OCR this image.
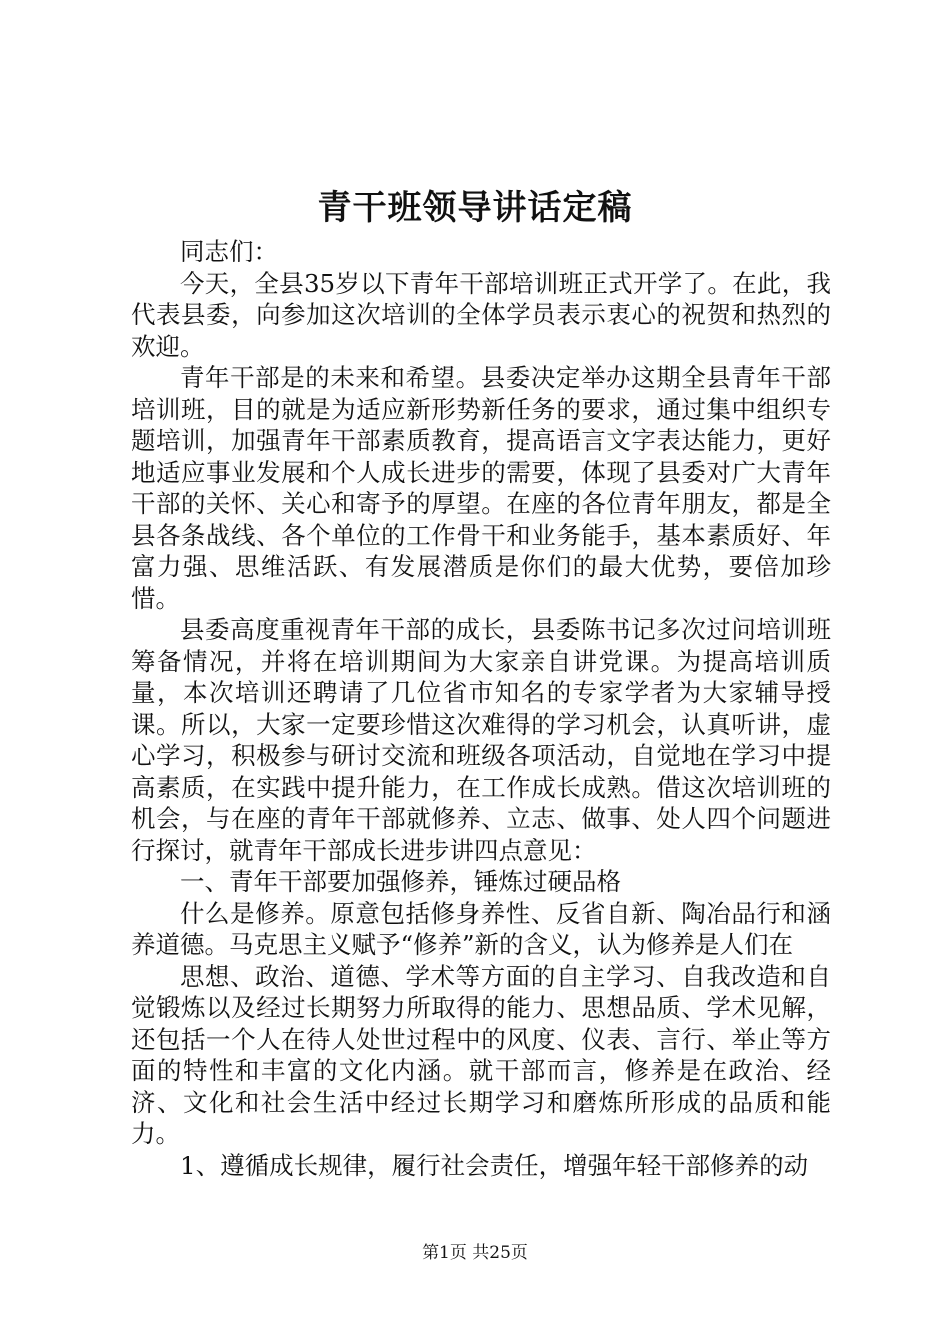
青干班领导讲话定稿

同志们：

今天，全县35岁以下青年干部培训班正式开学了。在此，我代表县委，向参加这次培训的全体学员表示衷心的祝贺和热烈的欢迎。

青年干部是的未来和希望。县委决定举办这期全县青年干部培训班，目的就是为适应新形势新任务的要求，通过集中组织专题培训，加强青年干部素质教育，提高语言文字表达能力，更好地适应事业发展和个人成长进步的需要，体现了县委对广大青年干部的关怀、关心和寄予的厚望。在座的各位青年朋友，都是全县各条战线、各个单位的工作骨干和业务能手，基本素质好、年富力强、思维活跃、有发展潜质是你们的最大优势，要倍加珍惜。

县委高度重视青年干部的成长，县委陈书记多次过问培训班筹备情况，并将在培训期间为大家亲自讲党课。为提高培训质量，本次培训还聘请了几位省市知名的专家学者为大家辅导授课。所以，大家一定要珍惜这次难得的学习机会，认真听讲，虚心学习，积极参与研讨交流和班级各项活动，自觉地在学习中提高素质，在实践中提升能力，在工作成长成熟。借这次培训班的机会，与在座的青年干部就修养、立志、做事、处人四个问题进行探讨，就青年干部成长进步讲四点意见：

一、青年干部要加强修养，锤炼过硬品格

什么是修养。原意包括修身养性、反省自新、陶冶品行和涵养道德。马克思主义赋予“修养”新的含义，认为修养是人们在

思想、政治、道德、学术等方面的自主学习、自我改造和自觉锻炼以及经过长期努力所取得的能力、思想品质、学术见解，还包括一个人在待人处世过程中的风度、仪表、言行、举止等方面的特性和丰富的文化内涵。就干部而言，修养是在政治、经济、文化和社会生活中经过长期学习和磨炼所形成的品质和能力。

1、遵循成长规律，履行社会责任，增强年轻干部修养的动

第1页 共25页
